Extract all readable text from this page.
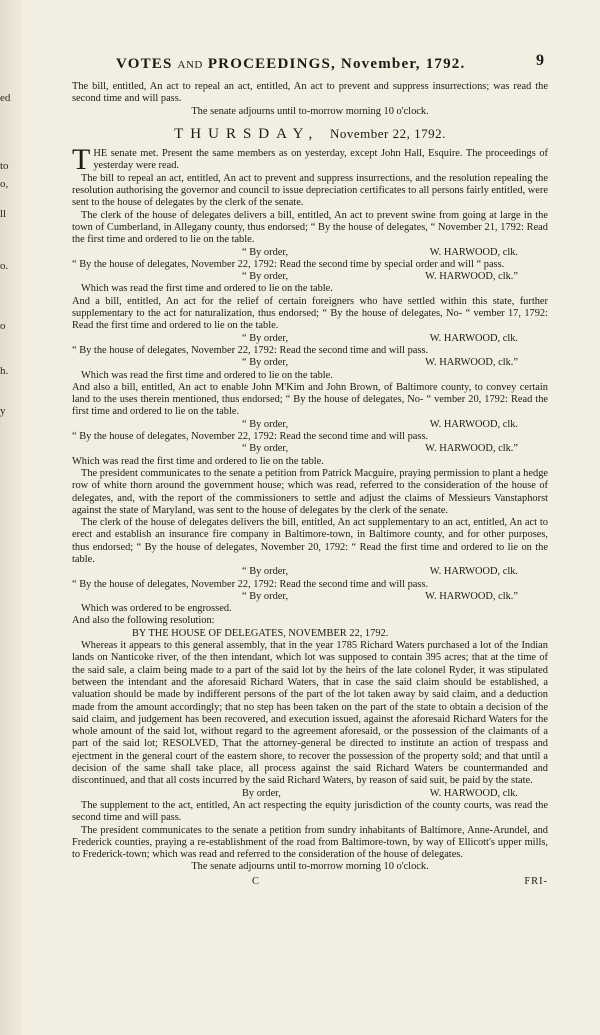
ed
to
o,
ll
o.
o
h.
y
VOTES AND PROCEEDINGS, November, 1792.	9

The bill, entitled, An act to repeal an act, entitled, An act to prevent and suppress insurrections; was read the second time and will pass.

The senate adjourns until to-morrow morning 10 o'clock.

THURSDAY, November 22, 1792.

THE senate met. Present the same members as on yesterday, except John Hall, Esquire. The proceedings of yesterday were read.

The bill to repeal an act, entitled, An act to prevent and suppress insurrections, and the resolution repealing the resolution authorising the governor and council to issue depreciation certificates to all persons fairly entitled, were sent to the house of delegates by the clerk of the senate.

The clerk of the house of delegates delivers a bill, entitled, An act to prevent swine from going at large in the town of Cumberland, in Allegany county, thus endorsed; “ By the house of delegates, “ November 21, 1792: Read the first time and ordered to lie on the table.

“ By order,	W. HARWOOD, clk.

“ By the house of delegates, November 22, 1792: Read the second time by special order and will “ pass.

“ By order,	W. HARWOOD, clk.”

Which was read the first time and ordered to lie on the table.

And a bill, entitled, An act for the relief of certain foreigners who have settled within this state, further supplementary to the act for naturalization, thus endorsed; “ By the house of delegates, No- “ vember 17, 1792: Read the first time and ordered to lie on the table.

“ By order,	W. HARWOOD, clk.

“ By the house of delegates, November 22, 1792: Read the second time and will pass.

“ By order,	W. HARWOOD, clk.”

Which was read the first time and ordered to lie on the table.

And also a bill, entitled, An act to enable John M'Kim and John Brown, of Baltimore county, to convey certain land to the uses therein mentioned, thus endorsed; “ By the house of delegates, No- “ vember 20, 1792: Read the first time and ordered to lie on the table.

“ By order,	W. HARWOOD, clk.

“ By the house of delegates, November 22, 1792: Read the second time and will pass.

“ By order,	W. HARWOOD, clk.”

Which was read the first time and ordered to lie on the table.

The president communicates to the senate a petition from Patrick Macguire, praying permission to plant a hedge row of white thorn around the government house; which was read, referred to the consideration of the house of delegates, and, with the report of the commissioners to settle and adjust the claims of Messieurs Vanstaphorst against the state of Maryland, was sent to the house of delegates by the clerk of the senate.

The clerk of the house of delegates delivers the bill, entitled, An act supplementary to an act, entitled, An act to erect and establish an insurance fire company in Baltimore-town, in Baltimore county, and for other purposes, thus endorsed; “ By the house of delegates, November 20, 1792: “ Read the first time and ordered to lie on the table.

“ By order,	W. HARWOOD, clk.

“ By the house of delegates, November 22, 1792: Read the second time and will pass.

“ By order,	W. HARWOOD, clk.”

Which was ordered to be engrossed.

And also the following resolution:

BY THE HOUSE OF DELEGATES, NOVEMBER 22, 1792.

Whereas it appears to this general assembly, that in the year 1785 Richard Waters purchased a lot of the Indian lands on Nanticoke river, of the then intendant, which lot was supposed to contain 395 acres; that at the time of the said sale, a claim being made to a part of the said lot by the heirs of the late colonel Ryder, it was stipulated between the intendant and the aforesaid Richard Waters, that in case the said claim should be established, a valuation should be made by indifferent persons of the part of the lot taken away by said claim, and a deduction made from the amount accordingly; that no step has been taken on the part of the state to obtain a decision of the said claim, and judgement has been recovered, and execution issued, against the aforesaid Richard Waters for the whole amount of the said lot, without regard to the agreement aforesaid, or the possession of the claimants of a part of the said lot; RESOLVED, That the attorney-general be directed to institute an action of trespass and ejectment in the general court of the eastern shore, to recover the possession of the property sold; and that until a decision of the same shall take place, all process against the said Richard Waters be countermanded and discontinued, and that all costs incurred by the said Richard Waters, by reason of said suit, be paid by the state.

By order,	W. HARWOOD, clk.

The supplement to the act, entitled, An act respecting the equity jurisdiction of the county courts, was read the second time and will pass.

The president communicates to the senate a petition from sundry inhabitants of Baltimore, Anne-Arundel, and Frederick counties, praying a re-establishment of the road from Baltimore-town, by way of Ellicott's upper mills, to Frederick-town; which was read and referred to the consideration of the house of delegates.

The senate adjourns until to-morrow morning 10 o'clock.

C	FRI-
